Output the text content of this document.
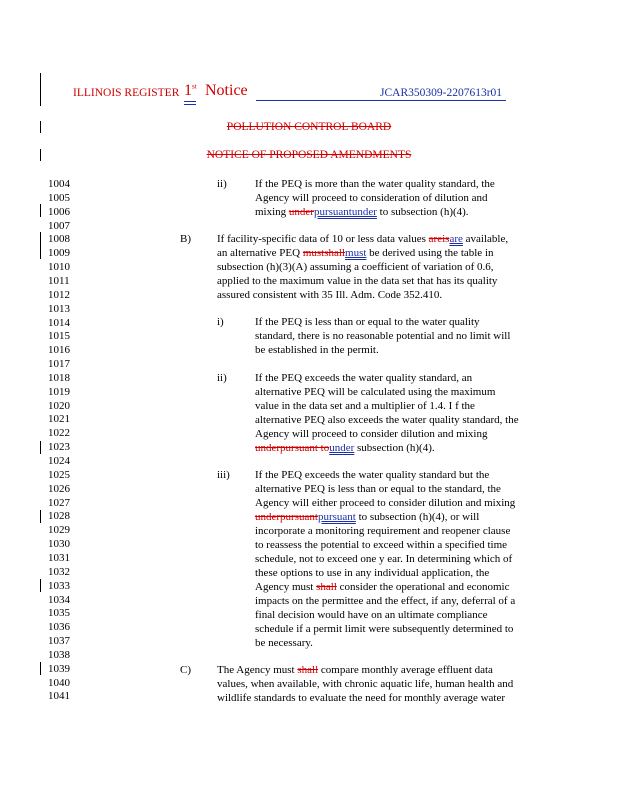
ILLINOIS REGISTER 1st Notice	JCAR350309-2207613r01
POLLUTION CONTROL BOARD
NOTICE OF PROPOSED AMENDMENTS
1004
1005
1006
1007
1008
1009
1010
1011
1012
1013
1014
1015
1016
1017
1018
1019
1020
1021
1022
1023
1024
1025
1026
1027
1028
1029
1030
1031
1032
1033
1034
1035
1036
1037
1038
1039
1040
1041
ii)	If the PEQ is more than the water quality standard, the
Agency will proceed to consideration of dilution and
mixing underpursuantunder to subsection (h)(4).
B) If facility-specific data of 10 or less data values areisare available,
an alternative PEQ mustshallmust be derived using the table in
subsection (h)(3)(A) assuming a coefficient of variation of 0.6,
applied to the maximum value in the data set that has its quality
assured consistent with 35 Ill. Adm. Code 352.410.
i)	If the PEQ is less than or equal to the water quality
standard, there is no reasonable potential and no limit will
be established in the permit.
ii)	If the PEQ exceeds the water quality standard, an
alternative PEQ will be calculated using the maximum
value in the data set and a multiplier of 1.4. I f the
alternative PEQ also exceeds the water quality standard, the
Agency will proceed to consider dilution and mixing
underpursuant tounder subsection (h)(4).
iii) If the PEQ exceeds the water quality standard but the
alternative PEQ is less than or equal to the standard, the
Agency will either proceed to consider dilution and mixing
underpursuantpursuant to subsection (h)(4), or will
incorporate a monitoring requirement and reopener clause
to reassess the potential to exceed within a specified time
schedule, not to exceed one y ear. In determining which of
these options to use in any individual application, the
Agency must shall consider the operational and economic
impacts on the permittee and the effect, if any, deferral of a
final decision would have on an ultimate compliance
schedule if a permit limit were subsequently determined to
be necessary.
C) The Agency must shall compare monthly average effluent data
values, when available, with chronic aquatic life, human health and
wildlife standards to evaluate the need for monthly average water
